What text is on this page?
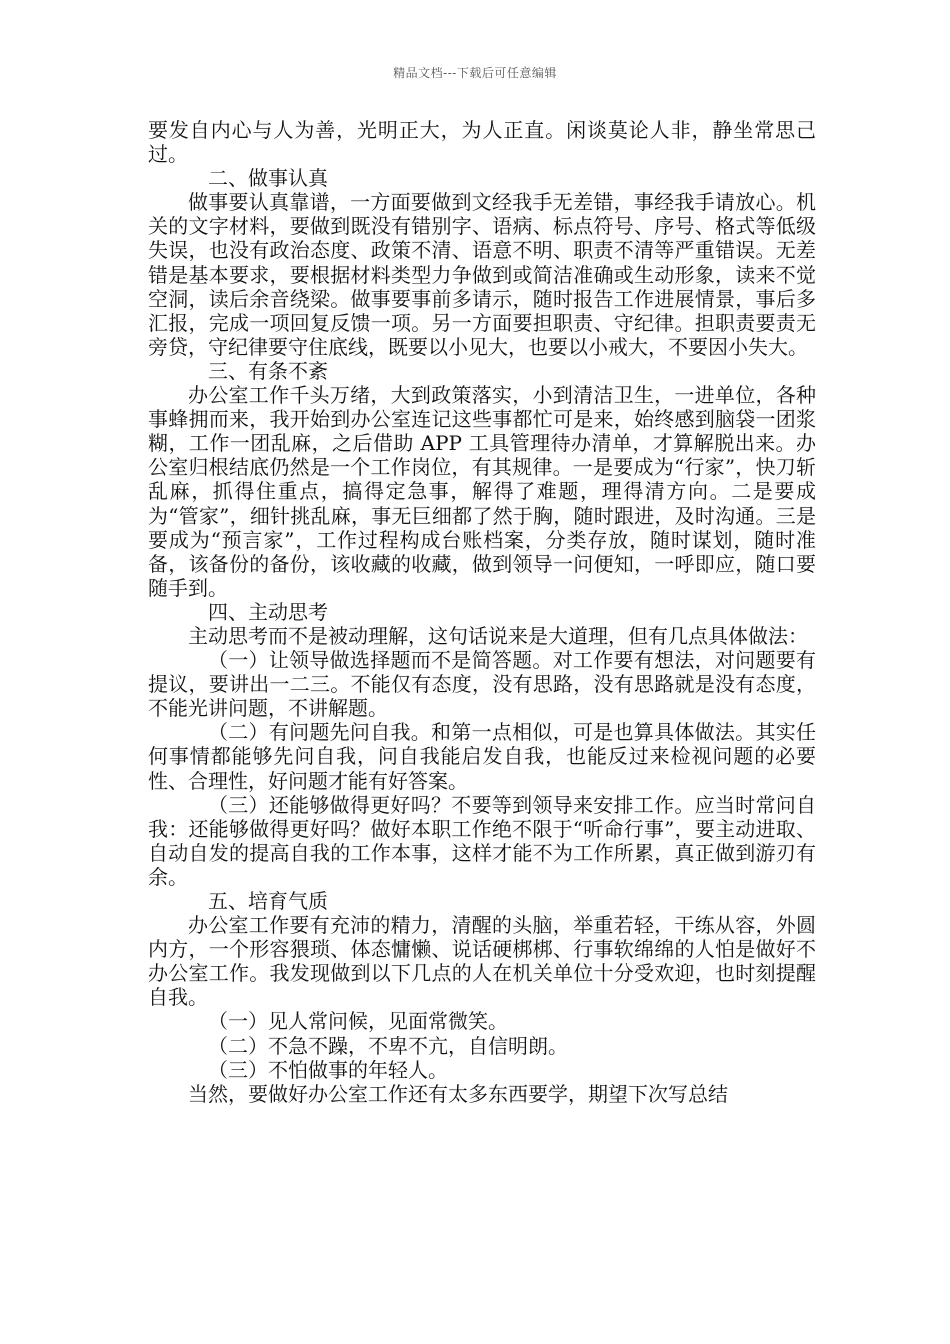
精品文档---下载后可任意编辑

要发自内心与人为善，光明正大，为人正直。闲谈莫论人非，静坐常思己过。

二、做事认真

做事要认真靠谱，一方面要做到文经我手无差错，事经我手请放心。机关的文字材料，要做到既没有错别字、语病、标点符号、序号、格式等低级失误，也没有政治态度、政策不清、语意不明、职责不清等严重错误。无差错是基本要求，要根据材料类型力争做到或简洁准确或生动形象，读来不觉空洞，读后余音绕梁。做事要事前多请示，随时报告工作进展情景，事后多汇报，完成一项回复反馈一项。另一方面要担职责、守纪律。担职责要责无旁贷，守纪律要守住底线，既要以小见大，也要以小戒大，不要因小失大。

三、有条不紊

办公室工作千头万绪，大到政策落实，小到清洁卫生，一进单位，各种事蜂拥而来，我开始到办公室连记这些事都忙可是来，始终感到脑袋一团浆糊，工作一团乱麻，之后借助 APP 工具管理待办清单，才算解脱出来。办公室归根结底仍然是一个工作岗位，有其规律。一是要成为“行家”，快刀斩乱麻，抓得住重点，搞得定急事，解得了难题，理得清方向。二是要成为“管家”，细针挑乱麻，事无巨细都了然于胸，随时跟进，及时沟通。三是要成为“预言家”，工作过程构成台账档案，分类存放，随时谋划，随时准备，该备份的备份，该收藏的收藏，做到领导一问便知，一呼即应，随口要随手到。

四、主动思考

主动思考而不是被动理解，这句话说来是大道理，但有几点具体做法：

（一）让领导做选择题而不是简答题。对工作要有想法，对问题要有提议，要讲出一二三。不能仅有态度，没有思路，没有思路就是没有态度，不能光讲问题，不讲解题。

（二）有问题先问自我。和第一点相似，可是也算具体做法。其实任何事情都能够先问自我，问自我能启发自我，也能反过来检视问题的必要性、合理性，好问题才能有好答案。

（三）还能够做得更好吗？不要等到领导来安排工作。应当时常问自我：还能够做得更好吗？做好本职工作绝不限于“听命行事”，要主动进取、自动自发的提高自我的工作本事，这样才能不为工作所累，真正做到游刃有余。

五、培育气质

办公室工作要有充沛的精力，清醒的头脑，举重若轻，干练从容，外圆内方，一个形容猥琐、体态慵懒、说话硬梆梆、行事软绵绵的人怕是做好不办公室工作。我发现做到以下几点的人在机关单位十分受欢迎，也时刻提醒自我。

（一）见人常问候，见面常微笑。

（二）不急不躁，不卑不亢，自信明朗。

（三）不怕做事的年轻人。

当然，要做好办公室工作还有太多东西要学，期望下次写总结
